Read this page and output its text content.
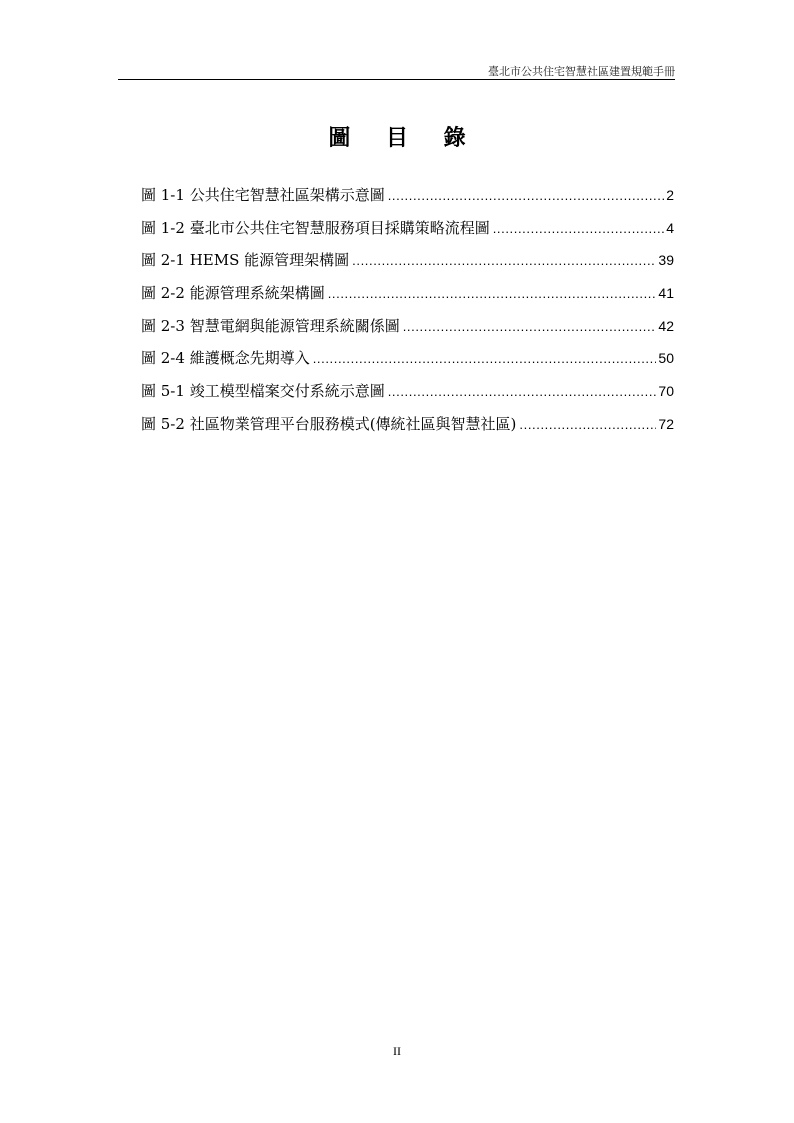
臺北市公共住宅智慧社區建置規範手冊
圖 目 錄
圖 1-1 公共住宅智慧社區架構示意圖 .....	2
圖 1-2 臺北市公共住宅智慧服務項目採購策略流程圖 .....	4
圖 2-1 HEMS 能源管理架構圖 .....	39
圖 2-2 能源管理系統架構圖 .....	41
圖 2-3 智慧電網與能源管理系統關係圖 .....	42
圖 2-4 維護概念先期導入 .....	50
圖 5-1 竣工模型檔案交付系統示意圖 .....	70
圖 5-2 社區物業管理平台服務模式(傳統社區與智慧社區) .....	72
II
